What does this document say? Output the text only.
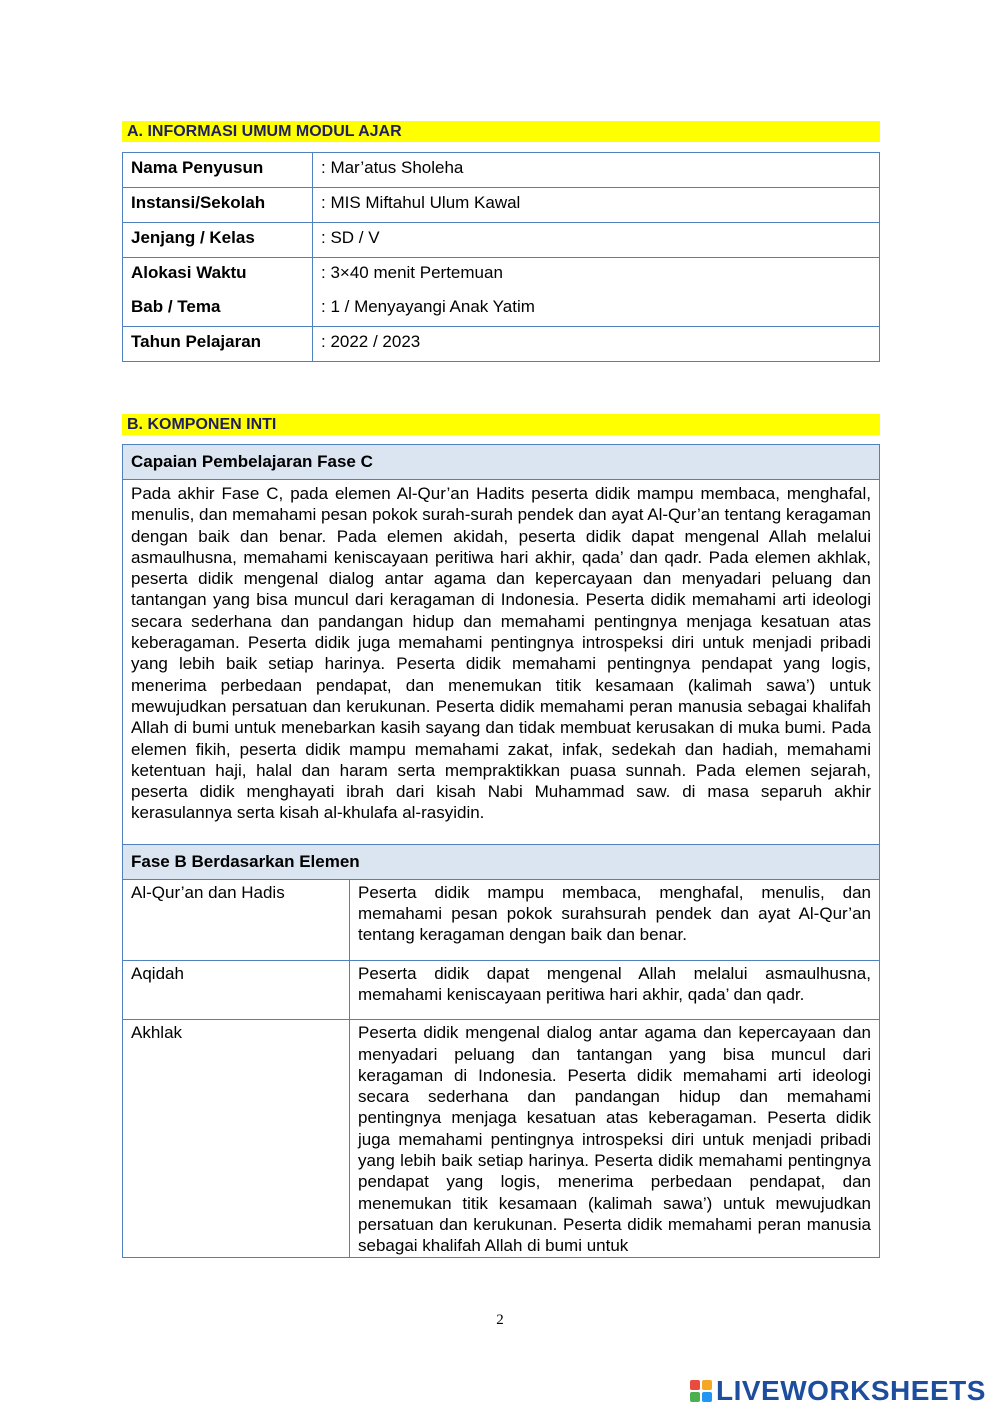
A. INFORMASI UMUM MODUL AJAR
Nama Penyusun	: Mar’atus Sholeha
Instansi/Sekolah	: MIS Miftahul Ulum Kawal
Jenjang / Kelas	: SD / V
Alokasi Waktu	: 3×40 menit Pertemuan
Bab / Tema	: 1 / Menyayangi Anak Yatim
Tahun Pelajaran	: 2022 / 2023
B. KOMPONEN INTI
Capaian Pembelajaran Fase C	
Pada akhir Fase C, pada elemen Al-Qur’an Hadits peserta didik mampu membaca, menghafal, menulis, dan memahami pesan pokok surah-surah pendek dan ayat Al-Qur’an tentang keragaman dengan baik dan benar. Pada elemen akidah, peserta didik dapat mengenal Allah melalui asmaulhusna, memahami keniscayaan peritiwa hari akhir, qada’ dan qadr. Pada elemen akhlak, peserta didik mengenal dialog antar agama dan kepercayaan dan menyadari peluang dan tantangan yang bisa muncul dari keragaman di Indonesia. Peserta didik memahami arti ideologi secara sederhana dan pandangan hidup dan memahami pentingnya menjaga kesatuan atas keberagaman. Peserta didik juga memahami pentingnya introspeksi diri untuk menjadi pribadi yang lebih baik setiap harinya. Peserta didik memahami pentingnya pendapat yang logis, menerima perbedaan pendapat, dan menemukan titik kesamaan (kalimah sawa’) untuk mewujudkan persatuan dan kerukunan. Peserta didik memahami peran manusia sebagai khalifah Allah di bumi untuk menebarkan kasih sayang dan tidak membuat kerusakan di muka bumi. Pada elemen fikih, peserta didik mampu memahami zakat, infak, sedekah dan hadiah, memahami ketentuan haji, halal dan haram serta mempraktikkan puasa sunnah. Pada elemen sejarah, peserta didik menghayati ibrah dari kisah Nabi Muhammad saw. di masa separuh akhir kerasulannya serta kisah al-khulafa al-rasyidin.	
Fase B Berdasarkan Elemen	
Al-Qur’an dan Hadis	Peserta didik mampu membaca, menghafal, menulis, dan memahami pesan pokok surahsurah pendek dan ayat Al-Qur’an tentang keragaman dengan baik dan benar.
Aqidah	Peserta didik dapat mengenal Allah melalui asmaulhusna, memahami keniscayaan peritiwa hari akhir, qada’ dan qadr.
Akhlak	Peserta didik mengenal dialog antar agama dan kepercayaan dan menyadari peluang dan tantangan yang bisa muncul dari keragaman di Indonesia. Peserta didik memahami arti ideologi secara sederhana dan pandangan hidup dan memahami pentingnya menjaga kesatuan atas keberagaman. Peserta didik juga memahami pentingnya introspeksi diri untuk menjadi pribadi yang lebih baik setiap harinya. Peserta didik memahami pentingnya pendapat yang logis, menerima perbedaan pendapat, dan menemukan titik kesamaan (kalimah sawa’) untuk mewujudkan persatuan dan kerukunan. Peserta didik memahami peran manusia sebagai khalifah Allah di bumi untuk
2
LIVEWORKSHEETS
